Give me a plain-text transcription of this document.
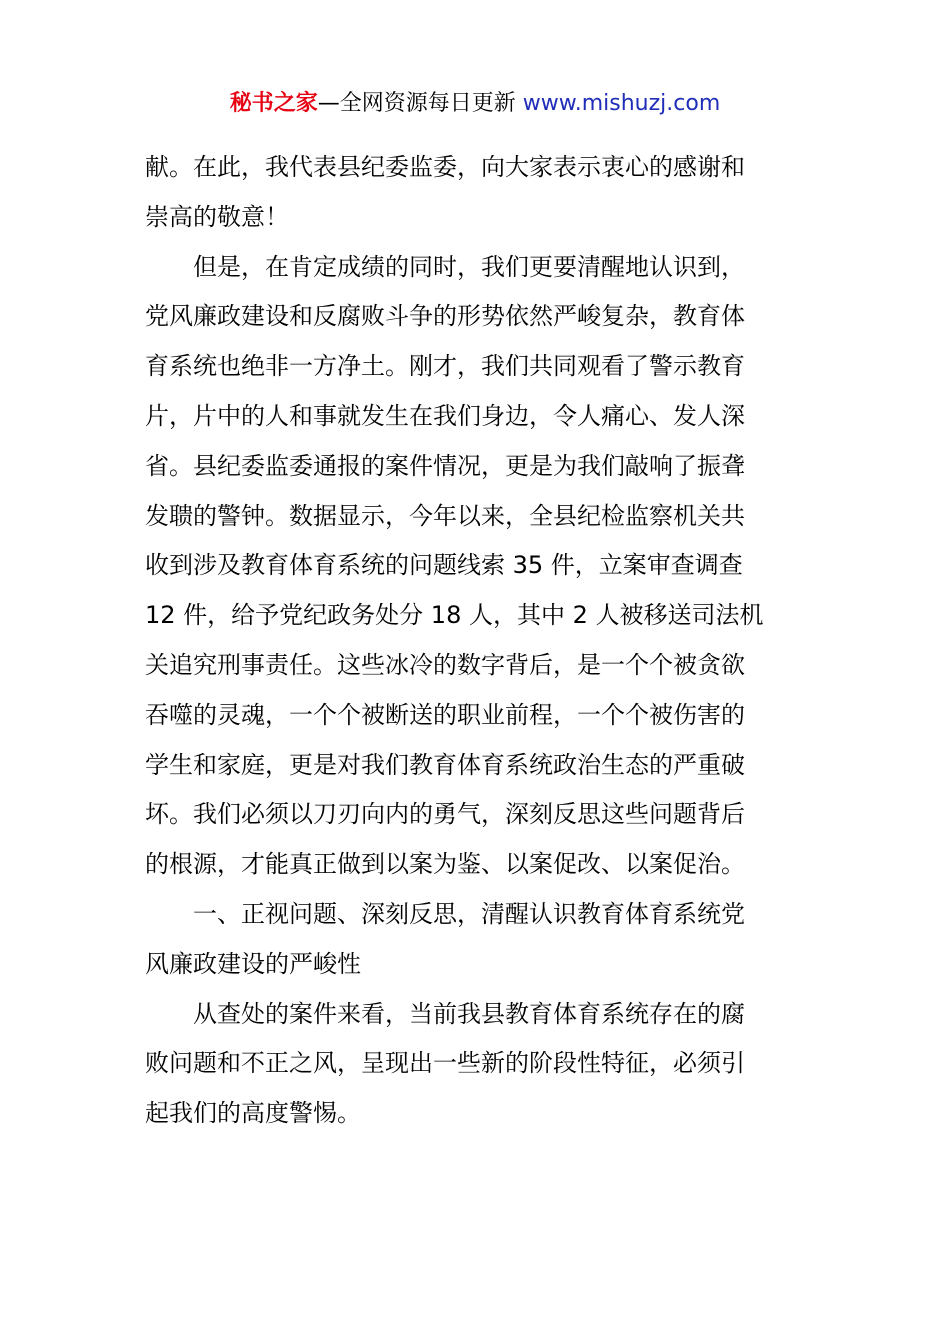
秘书之家—全网资源每日更新 www.mishuzj.com
献。在此，我代表县纪委监委，向大家表示衷心的感谢和
崇高的敬意！
但是，在肯定成绩的同时，我们更要清醒地认识到，
党风廉政建设和反腐败斗争的形势依然严峻复杂，教育体
育系统也绝非一方净土。刚才，我们共同观看了警示教育
片，片中的人和事就发生在我们身边，令人痛心、发人深
省。县纪委监委通报的案件情况，更是为我们敲响了振聋
发聩的警钟。数据显示，今年以来，全县纪检监察机关共
收到涉及教育体育系统的问题线索 35 件，立案审查调查
12 件，给予党纪政务处分 18 人，其中 2 人被移送司法机
关追究刑事责任。这些冰冷的数字背后，是一个个被贪欲
吞噬的灵魂，一个个被断送的职业前程，一个个被伤害的
学生和家庭，更是对我们教育体育系统政治生态的严重破
坏。我们必须以刀刃向内的勇气，深刻反思这些问题背后
的根源，才能真正做到以案为鉴、以案促改、以案促治。
一、正视问题、深刻反思，清醒认识教育体育系统党
风廉政建设的严峻性
从查处的案件来看，当前我县教育体育系统存在的腐
败问题和不正之风，呈现出一些新的阶段性特征，必须引
起我们的高度警惕。
